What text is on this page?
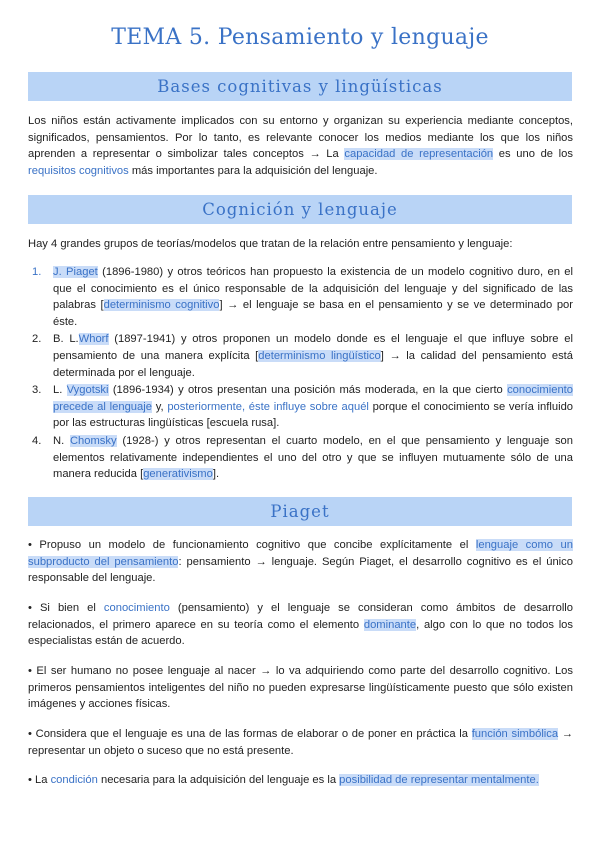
TEMA 5. Pensamiento y lenguaje
Bases cognitivas y lingüísticas

Los niños están activamente implicados con su entorno y organizan su experiencia mediante conceptos, significados, pensamientos. Por lo tanto, es relevante conocer los medios mediante los que los niños aprenden a representar o simbolizar tales conceptos → La capacidad de representación es uno de los requisitos cognitivos más importantes para la adquisición del lenguaje.

Cognición y lenguaje

Hay 4 grandes grupos de teorías/modelos que tratan de la relación entre pensamiento y lenguaje:

1. J. Piaget (1896-1980) y otros teóricos han propuesto la existencia de un modelo cognitivo duro, en el que el conocimiento es el único responsable de la adquisición del lenguaje y del significado de las palabras [determinismo cognitivo] → el lenguaje se basa en el pensamiento y se ve determinado por éste.
2. B. L.Whorf (1897-1941) y otros proponen un modelo donde es el lenguaje el que influye sobre el pensamiento de una manera explícita [determinismo lingüístico] → la calidad del pensamiento está determinada por el lenguaje.
3. L. Vygotski (1896-1934) y otros presentan una posición más moderada, en la que cierto conocimiento precede al lenguaje y, posteriormente, éste influye sobre aquél porque el conocimiento se vería influido por las estructuras lingüísticas [escuela rusa].
4. N. Chomsky (1928-) y otros representan el cuarto modelo, en el que pensamiento y lenguaje son elementos relativamente independientes el uno del otro y que se influyen mutuamente sólo de una manera reducida [generativismo].
Piaget

• Propuso un modelo de funcionamiento cognitivo que concibe explícitamente el lenguaje como un subproducto del pensamiento: pensamiento → lenguaje. Según Piaget, el desarrollo cognitivo es el único responsable del lenguaje.

• Si bien el conocimiento (pensamiento) y el lenguaje se consideran como ámbitos de desarrollo relacionados, el primero aparece en su teoría como el elemento dominante, algo con lo que no todos los especialistas están de acuerdo.

• El ser humano no posee lenguaje al nacer → lo va adquiriendo como parte del desarrollo cognitivo. Los primeros pensamientos inteligentes del niño no pueden expresarse lingüísticamente puesto que sólo existen imágenes y acciones físicas.

• Considera que el lenguaje es una de las formas de elaborar o de poner en práctica la función simbólica → representar un objeto o suceso que no está presente.

• La condición necesaria para la adquisición del lenguaje es la posibilidad de representar mentalmente.
